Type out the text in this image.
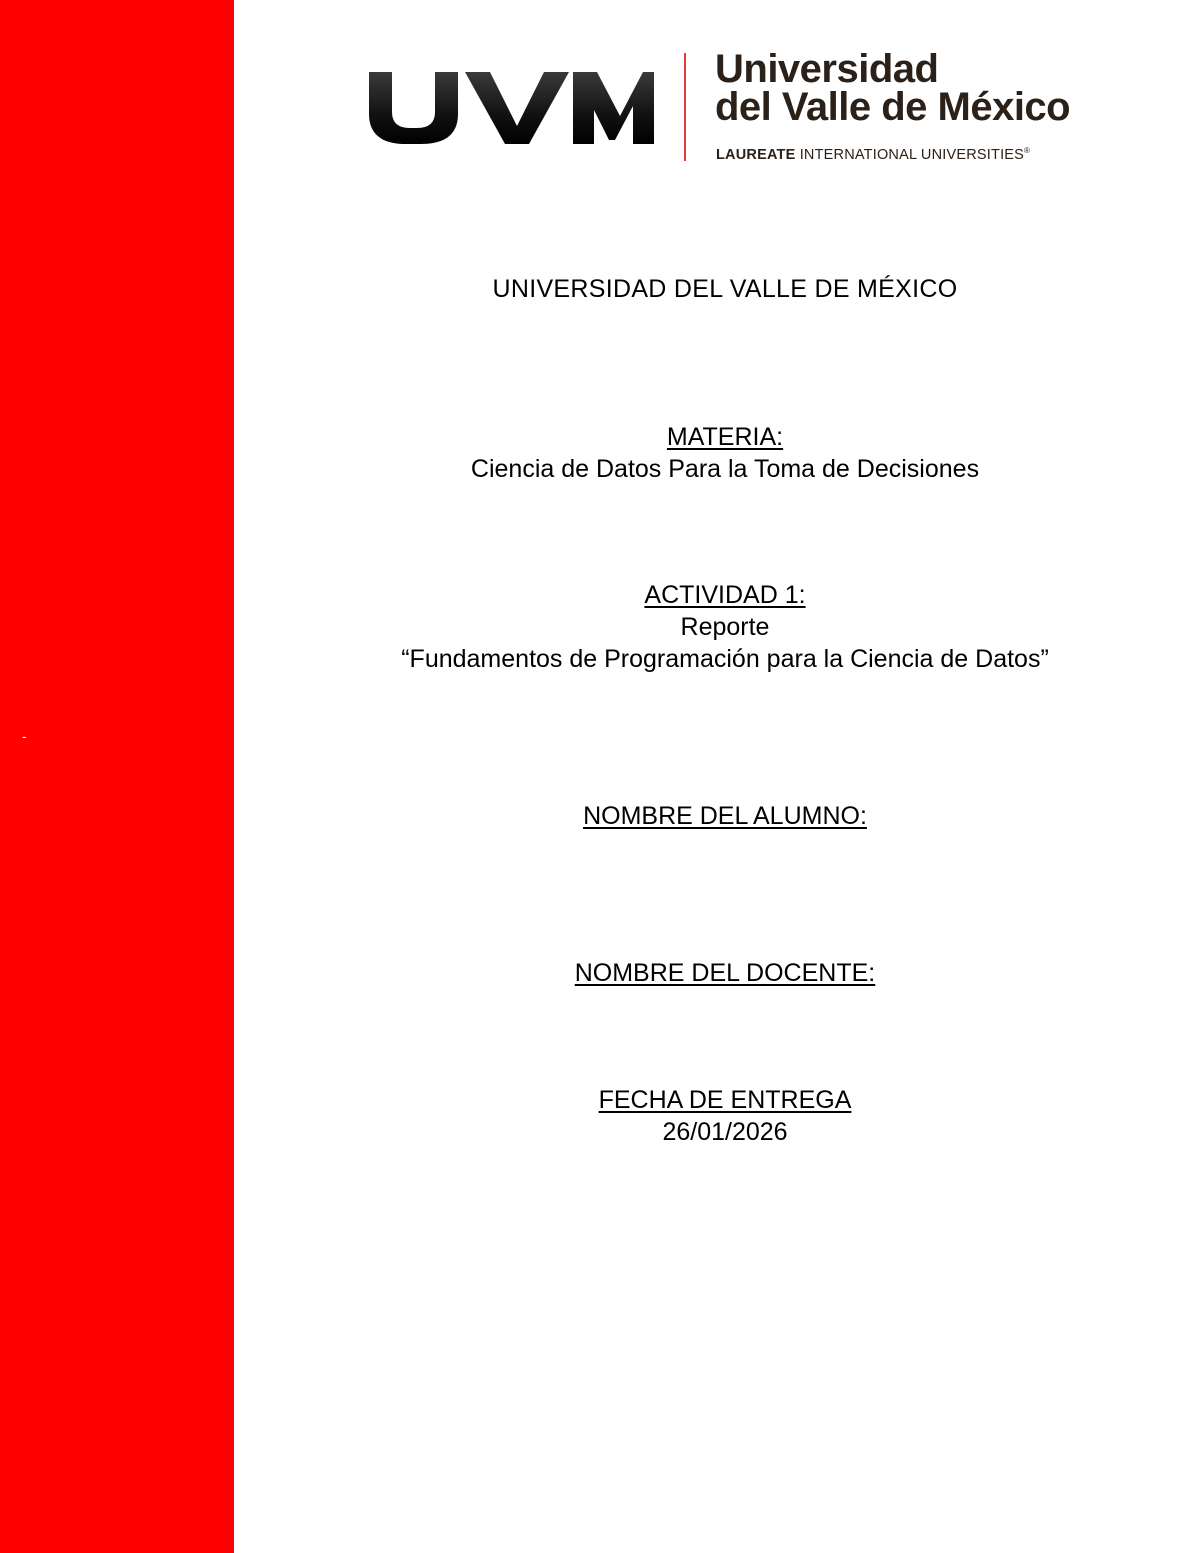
-
Universidad
del Valle de México
LAUREATE INTERNATIONAL UNIVERSITIES®
UNIVERSIDAD DEL VALLE DE MÉXICO
MATERIA:
Ciencia de Datos Para la Toma de Decisiones
ACTIVIDAD 1:
Reporte
“Fundamentos de Programación para la Ciencia de Datos”
NOMBRE DEL ALUMNO:
NOMBRE DEL DOCENTE:
FECHA DE ENTREGA
26/01/2026
